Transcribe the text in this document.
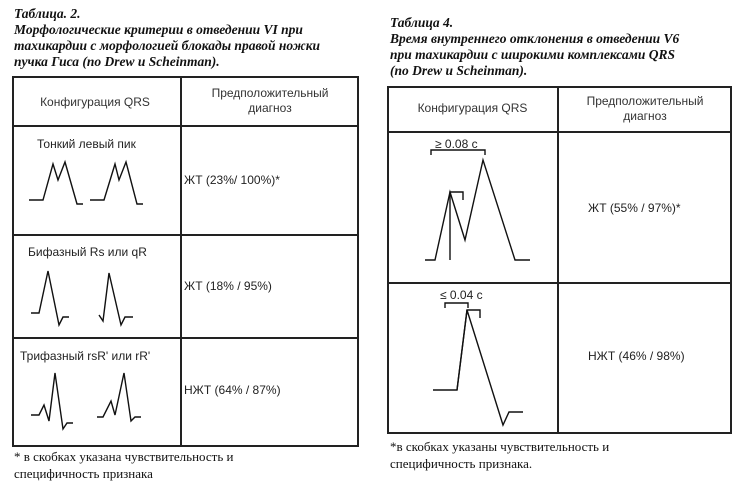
Таблица. 2.
Морфологические критерии в отведении VI при
тахикардии с морфологией блокады правой ножки
пучка Гиса (по Drew и Scheinman).
Конфигурация QRS
Предположительный
диагноз
Тонкий левый пик
ЖТ (23%/ 100%)*
Бифазный Rs или qR
ЖТ (18% / 95%)
Трифазный rsR' или rR'
НЖТ (64% / 87%)
* в скобках указана чувствительность и
специфичность признака
Таблица 4.
Время внутреннего отклонения в отведении V6
при тахикардии с широкими комплексами QRS
(по Drew и Scheinman).
Конфигурация QRS	Предположительный
диагноз
≥ 0.08 с
ЖТ (55% / 97%)*
≤ 0.04 с
НЖТ (46% / 98%)
*в скобках указаны чувствительность и
специфичность признака.
